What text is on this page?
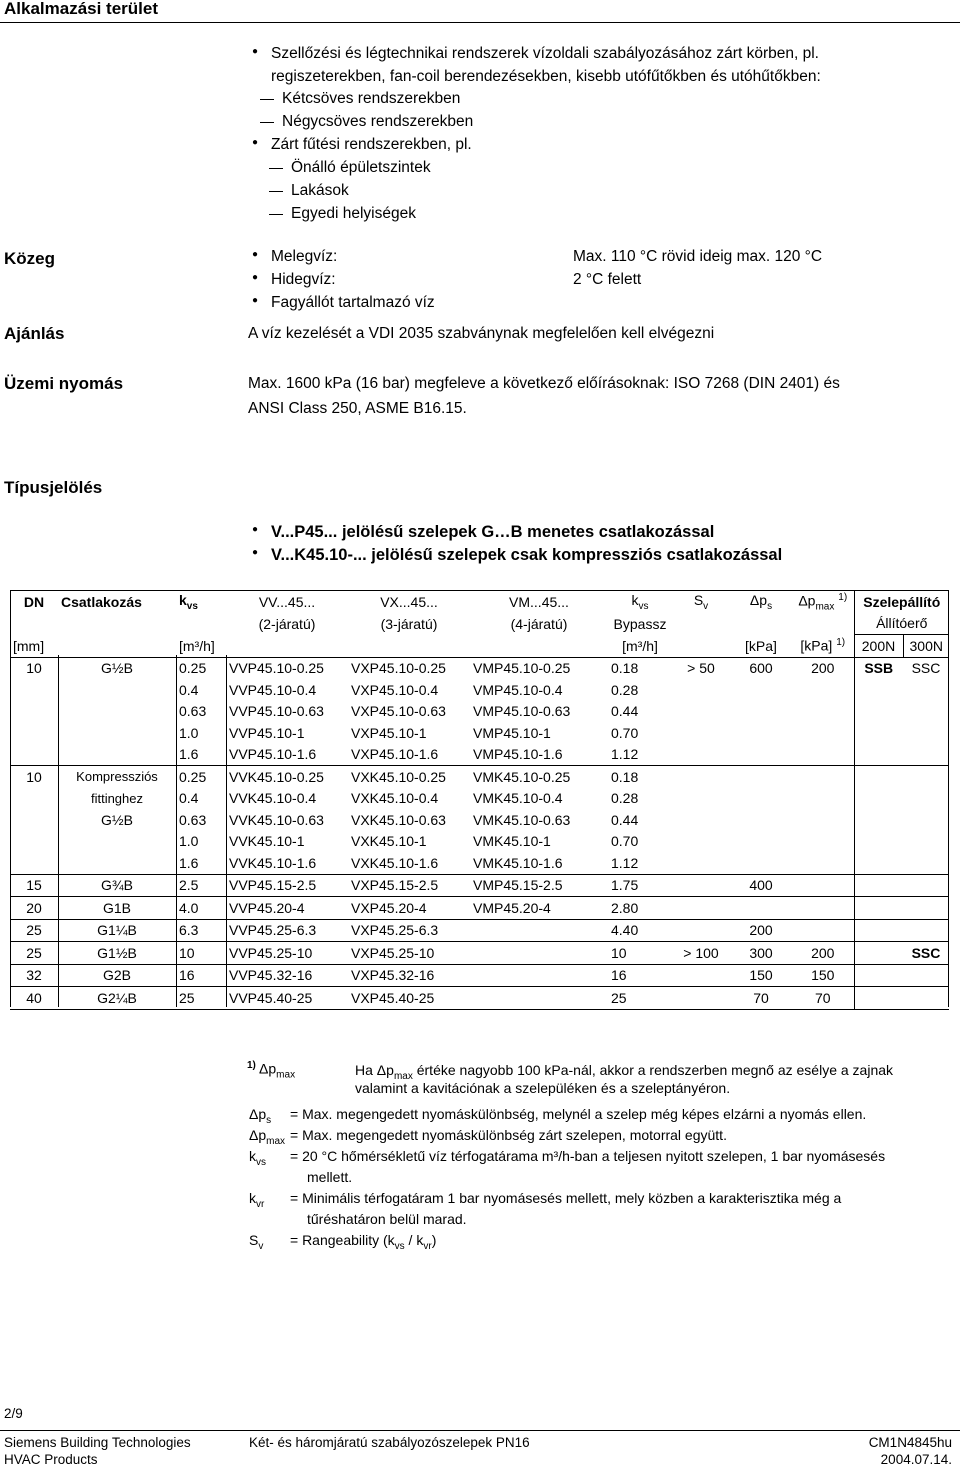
Alkalmazási terület
● Szellőzési és légtechnikai rendszerek vízoldali szabályozásához zárt körben, pl.
regiszeterekben, fan-coil berendezésekben, kisebb utófűtőkben és utóhűtőkben:
Kétcsöves rendszerekben
Négycsöves rendszerekben
● Zárt fűtési rendszerekben, pl.
Önálló épületszintek
Lakások
Egyedi helyiségek
Közeg	● Melegvíz:	Max. 110 °C rövid ideig max. 120 °C
● Hidegvíz:	2 °C felett
● Fagyállót tartalmazó víz
Ajánlás	A víz kezelését a VDI 2035 szabványnak megfelelően kell elvégezni
Üzemi nyomás	Max. 1600 kPa (16 bar) megfeleve a következő előírásoknak: ISO 7268 (DIN 2401) és
ANSI Class 250, ASME B16.15.
Típusjelölés
● V...P45... jelölésű szelepek G…B menetes csatlakozással
● V...K45.10-... jelölésű szelepek csak kompressziós csatlakozással
DN	Csatlakozás	$k_{vs}$	VV...45...	VX...45...	VM...45...	$k_{vs}$	$S_v$	$\Delta p_s$	$\Delta p_{max}$ $^{1)}$	Szelepállító	
			(2-járatú)	(3-járatú)	(4-járatú)	Bypassz				Állítóerő	
[mm]		[m³/h]				[m³/h]		[kPa]	[kPa] $^{1)}$	200N	300N
10	G½B	0.25	VVP45.10-0.25	VXP45.10-0.25	VMP45.10-0.25	0.18	> 50	600	200	SSB	SSC
		0.4	VVP45.10-0.4	VXP45.10-0.4	VMP45.10-0.4	0.28					
		0.63	VVP45.10-0.63	VXP45.10-0.63	VMP45.10-0.63	0.44					
		1.0	VVP45.10-1	VXP45.10-1	VMP45.10-1	0.70					
		1.6	VVP45.10-1.6	VXP45.10-1.6	VMP45.10-1.6	1.12					
10	Kompressziós	0.25	VVK45.10-0.25	VXK45.10-0.25	VMK45.10-0.25	0.18					
	fittinghez	0.4	VVK45.10-0.4	VXK45.10-0.4	VMK45.10-0.4	0.28					
	G½B	0.63	VVK45.10-0.63	VXK45.10-0.63	VMK45.10-0.63	0.44					
		1.0	VVK45.10-1	VXK45.10-1	VMK45.10-1	0.70					
		1.6	VVK45.10-1.6	VXK45.10-1.6	VMK45.10-1.6	1.12					
15	G¾B	2.5	VVP45.15-2.5	VXP45.15-2.5	VMP45.15-2.5	1.75		400			
20	G1B	4.0	VVP45.20-4	VXP45.20-4	VMP45.20-4	2.80					
25	G1¼B	6.3	VVP45.25-6.3	VXP45.25-6.3		4.40		200			
25	G1½B	10	VVP45.25-10	VXP45.25-10		10	> 100	300	200		SSC
32	G2B	16	VVP45.32-16	VXP45.32-16		16		150	150		
40	G2¼B	25	VVP45.40-25	VXP45.40-25		25		70	70		
$^{1)}$ $\Delta p_{max}$	Ha $\Delta p_{max}$ értéke nagyobb 100 kPa-nál, akkor a rendszerben megnő az esélye a zajnak
valamint a kavitációnak a szelepüléken és a szeleptányéron.
$\Delta p_s$ = Max. megengedett nyomáskülönbség, melynél a szelep még képes elzárni a nyomás ellen.
$\Delta p_{max}$ = Max. megengedett nyomáskülönbség zárt szelepen, motorral együtt.
$k_{vs} = 20$ °C hőmérsékletű víz térfogatárama m³/h-ban a teljesen nyitott szelepen, 1 bar nyomásesés
mellett.
$k_{vr}$ = Minimális térfogatáram 1 bar nyomásesés mellett, mely közben a karakterisztika még a
tűréshatáron belül marad.
$S_v$ = Rangeability $(k_{vs} / k_{vr})$
2/9
Siemens Building Technologies
HVAC Products
Két- és háromjáratú szabályozószelepek PN16	CM1N4845hu
2004.07.14.
